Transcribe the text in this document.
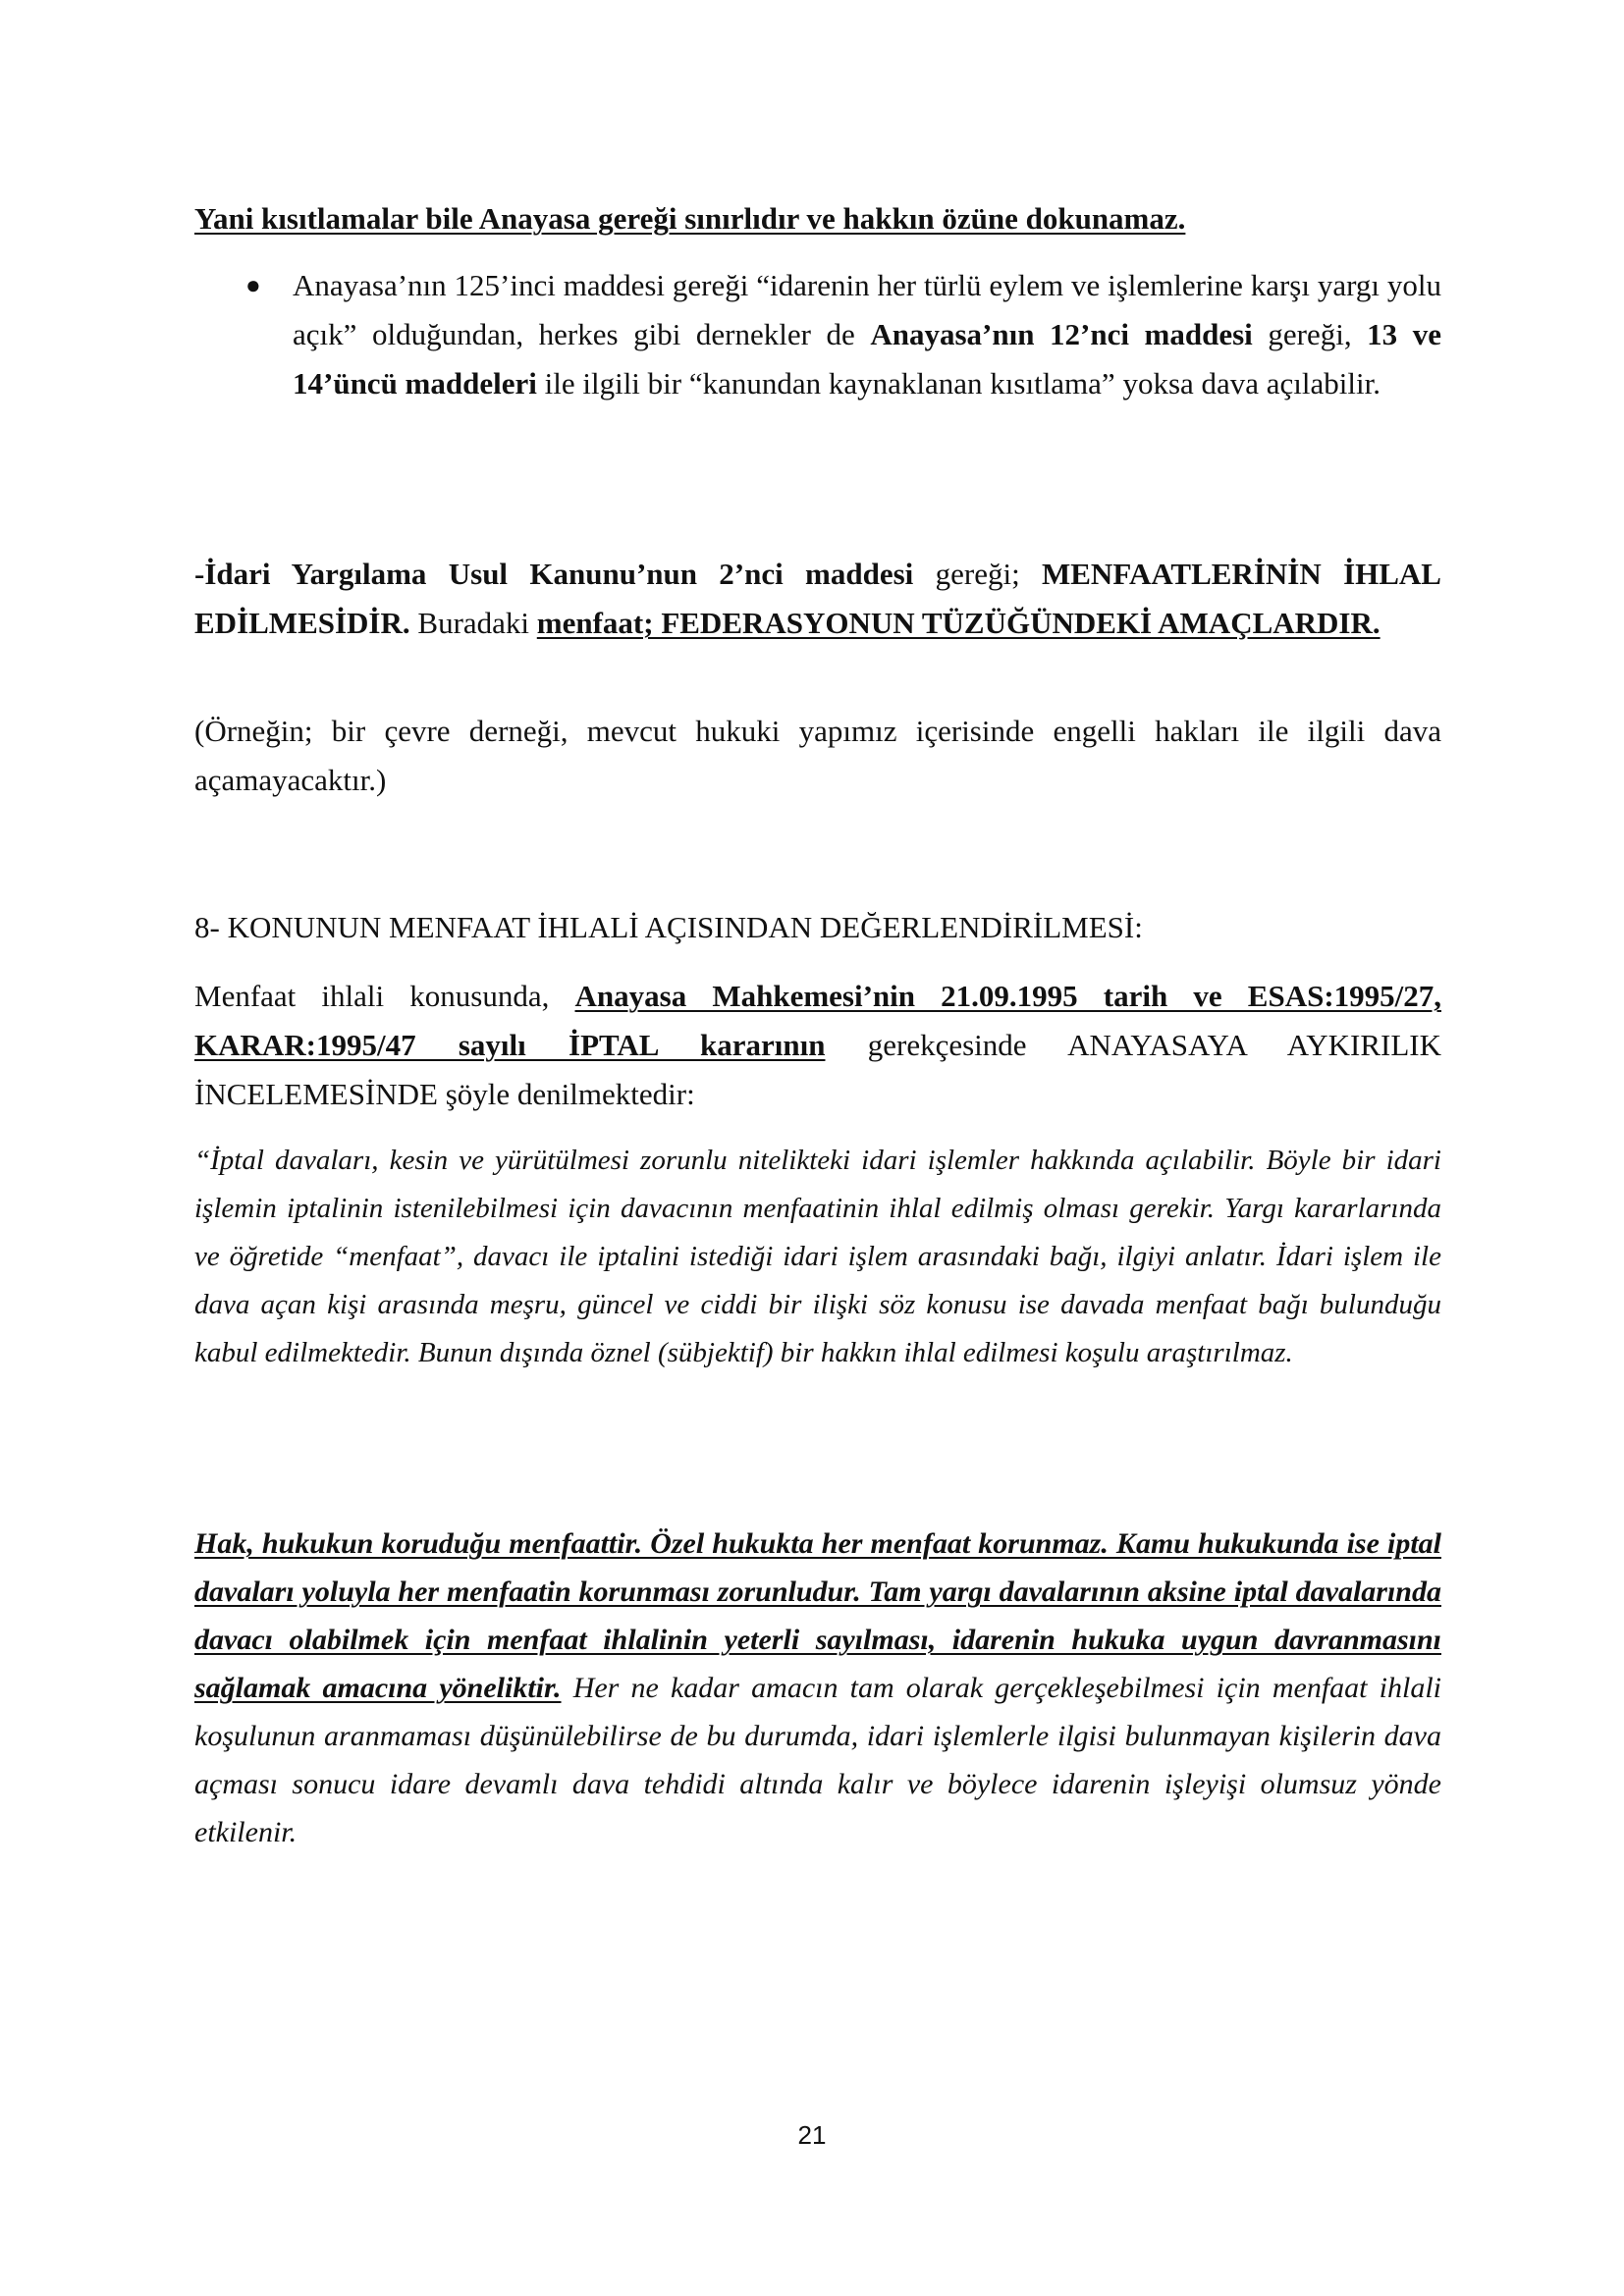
Yani kısıtlamalar bile Anayasa gereği sınırlıdır ve hakkın özüne dokunamaz.
● Anayasa’nın 125’inci maddesi gereği “idarenin her türlü eylem ve işlemlerine karşı yargı yolu açık” olduğundan, herkes gibi dernekler de Anayasa’nın 12’nci maddesi gereği, 13 ve 14’üncü maddeleri ile ilgili bir “kanundan kaynaklanan kısıtlama” yoksa dava açılabilir.
-İdari Yargılama Usul Kanunu’nun 2’nci maddesi gereği; MENFAATLERİNİN İHLAL EDİLMESİDİR. Buradaki menfaat; FEDERASYONUN TÜZÜĞÜNDEKİ AMAÇLARDIR.
(Örneğin; bir çevre derneği, mevcut hukuki yapımız içerisinde engelli hakları ile ilgili dava açamayacaktır.)
8- KONUNUN MENFAAT İHLALİ AÇISINDAN DEĞERLENDİRİLMESİ:
Menfaat ihlali konusunda, Anayasa Mahkemesi’nin 21.09.1995 tarih ve ESAS:1995/27, KARAR:1995/47 sayılı İPTAL kararının gerekçesinde ANAYASAYA AYKIRILIK İNCELEMESİNDE şöyle denilmektedir:
“İptal davaları, kesin ve yürütülmesi zorunlu nitelikteki idari işlemler hakkında açılabilir. Böyle bir idari işlemin iptalinin istenilebilmesi için davacının menfaatinin ihlal edilmiş olması gerekir. Yargı kararlarında ve öğretide “menfaat”, davacı ile iptalini istediği idari işlem arasındaki bağı, ilgiyi anlatır. İdari işlem ile dava açan kişi arasında meşru, güncel ve ciddi bir ilişki söz konusu ise davada menfaat bağı bulunduğu kabul edilmektedir. Bunun dışında öznel (sübjektif) bir hakkın ihlal edilmesi koşulu araştırılmaz.
Hak, hukukun koruduğu menfaattir. Özel hukukta her menfaat korunmaz. Kamu hukukunda ise iptal davaları yoluyla her menfaatin korunması zorunludur. Tam yargı davalarının aksine iptal davalarında davacı olabilmek için menfaat ihlalinin yeterli sayılması, idarenin hukuka uygun davranmasını sağlamak amacına yöneliktir. Her ne kadar amacın tam olarak gerçekleşebilmesi için menfaat ihlali koşulunun aranmaması düşünülebilirse de bu durumda, idari işlemlerle ilgisi bulunmayan kişilerin dava açması sonucu idare devamlı dava tehdidi altında kalır ve böylece idarenin işleyişi olumsuz yönde etkilenir.
21
